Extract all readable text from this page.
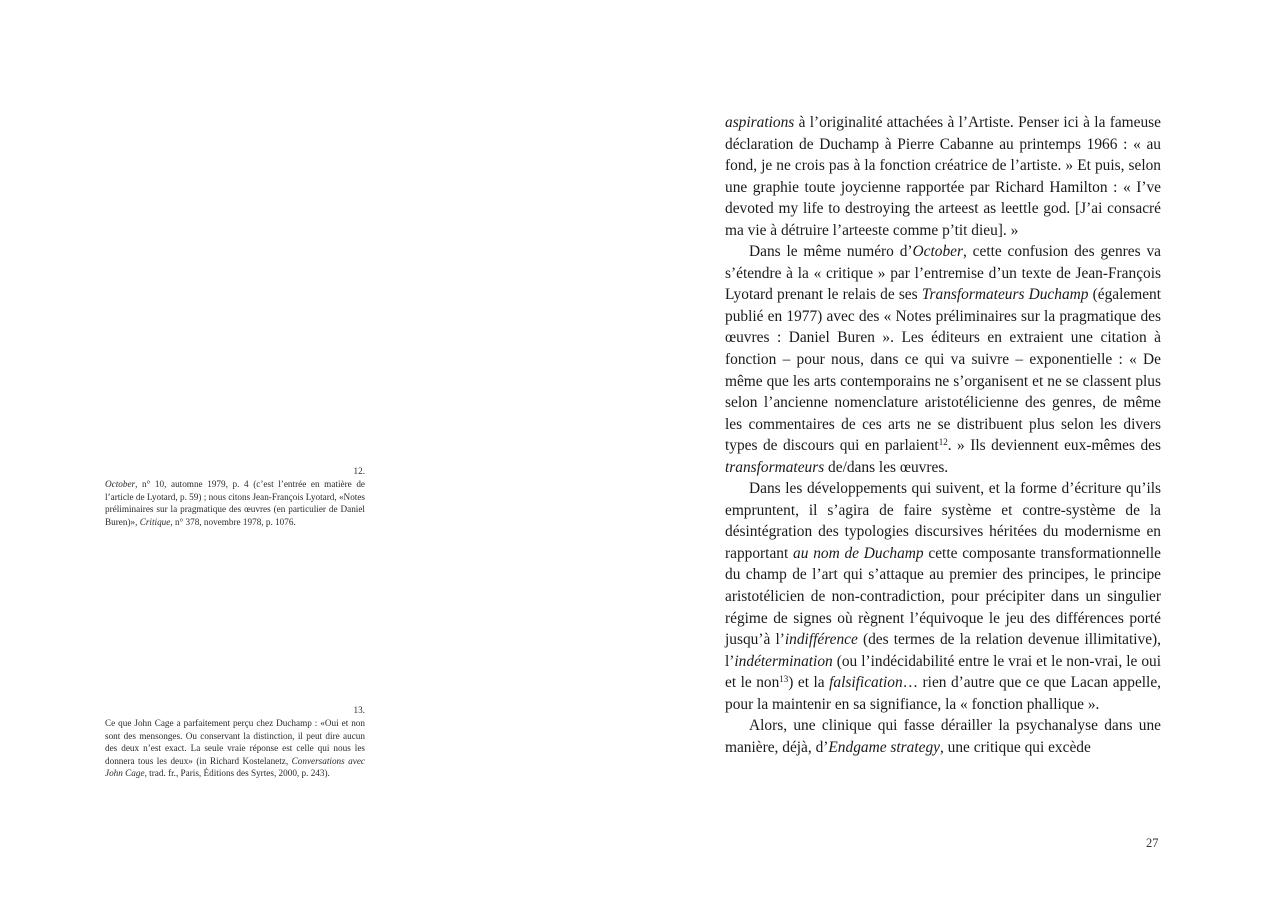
12.

October, n° 10, automne 1979, p. 4 (c’est l’entrée en matière de l’article de Lyotard, p. 59) ; nous citons Jean-François Lyotard, «Notes préliminaires sur la pragmatique des œuvres (en particulier de Daniel Buren)», Critique, n° 378, novembre 1978, p. 1076.

13.

Ce que John Cage a parfaitement perçu chez Duchamp : «Oui et non sont des mensonges. Ou conservant la distinction, il peut dire aucun des deux n’est exact. La seule vraie réponse est celle qui nous les donnera tous les deux» (in Richard Kostelanetz, Conversations avec John Cage, trad. fr., Paris, Éditions des Syrtes, 2000, p. 243).

aspirations à l’originalité attachées à l’Artiste. Penser ici à la fameuse déclaration de Duchamp à Pierre Cabanne au printemps 1966 : « au fond, je ne crois pas à la fonction créatrice de l’artiste. » Et puis, selon une graphie toute joycienne rapportée par Richard Hamilton : « I’ve devoted my life to destroying the arteest as leettle god. [J’ai consacré ma vie à détruire l’arteeste comme p’tit dieu]. »

Dans le même numéro d’October, cette confusion des genres va s’étendre à la « critique » par l’entremise d’un texte de Jean-François Lyotard prenant le relais de ses Transformateurs Duchamp (également publié en 1977) avec des « Notes préliminaires sur la pragmatique des œuvres : Daniel Buren ». Les éditeurs en extraient une citation à fonction – pour nous, dans ce qui va suivre – exponentielle : « De même que les arts contemporains ne s’organisent et ne se classent plus selon l’ancienne nomenclature aristotélicienne des genres, de même les commentaires de ces arts ne se distribuent plus selon les divers types de discours qui en parlaient$^{12}$. » Ils deviennent eux-mêmes des transformateurs de/dans les œuvres.

Dans les développements qui suivent, et la forme d’écriture qu’ils empruntent, il s’agira de faire système et contre-système de la désintégration des typologies discursives héritées du modernisme en rapportant au nom de Duchamp cette composante transformationnelle du champ de l’art qui s’attaque au premier des principes, le principe aristotélicien de non-contradiction, pour précipiter dans un singulier régime de signes où règnent l’équivoque le jeu des différences porté jusqu’à l’indifférence (des termes de la relation devenue illimitative), l’indétermination (ou l’indécidabilité entre le vrai et le non-vrai, le oui et le non$^{13}$) et la falsification… rien d’autre que ce que Lacan appelle, pour la maintenir en sa signifiance, la « fonction phallique ».

Alors, une clinique qui fasse dérailler la psychanalyse dans une manière, déjà, d’Endgame strategy, une critique qui excède

27
